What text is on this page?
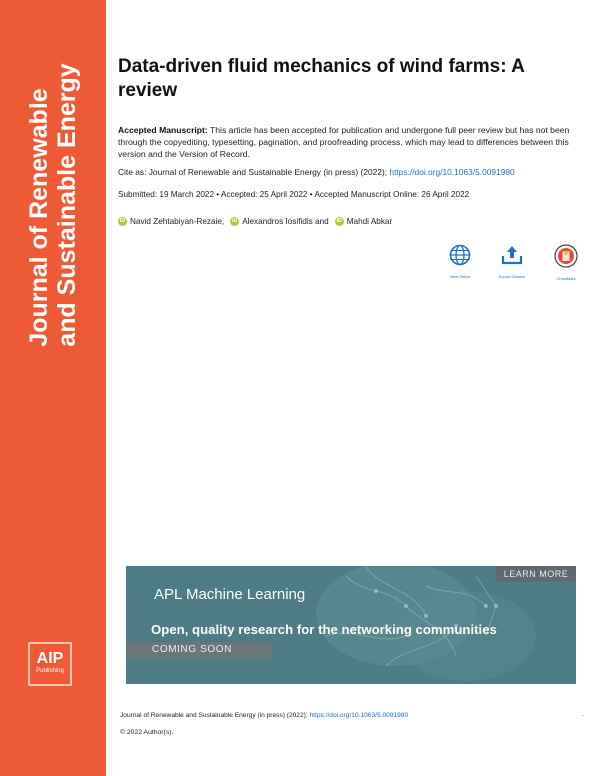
Journal of Renewable and Sustainable Energy
AIP
Publishing
Data-driven fluid mechanics of wind farms: A review
Accepted Manuscript: This article has been accepted for publication and undergone full peer review but has not been through the copyediting, typesetting, pagination, and proofreading process, which may lead to differences between this version and the Version of Record.
Cite as: Journal of Renewable and Sustainable Energy (in press) (2022); https://doi.org/10.1063/5.0091980
Submitted: 19 March 2022 • Accepted: 25 April 2022 • Accepted Manuscript Online: 26 April 2022
iD Navid Zehtabiyan-Rezaie,	iD Alexandros Iosifidis and	iD Mahdi Abkar
View Online	Export Citation	CrossMark
LEARN MORE
APL Machine Learning
Open, quality research for the networking communities
COMING SOON
Journal of Renewable and Sustainable Energy (in press) (2022); https://doi.org/10.1063/5.0091980	.
© 2022 Author(s).
